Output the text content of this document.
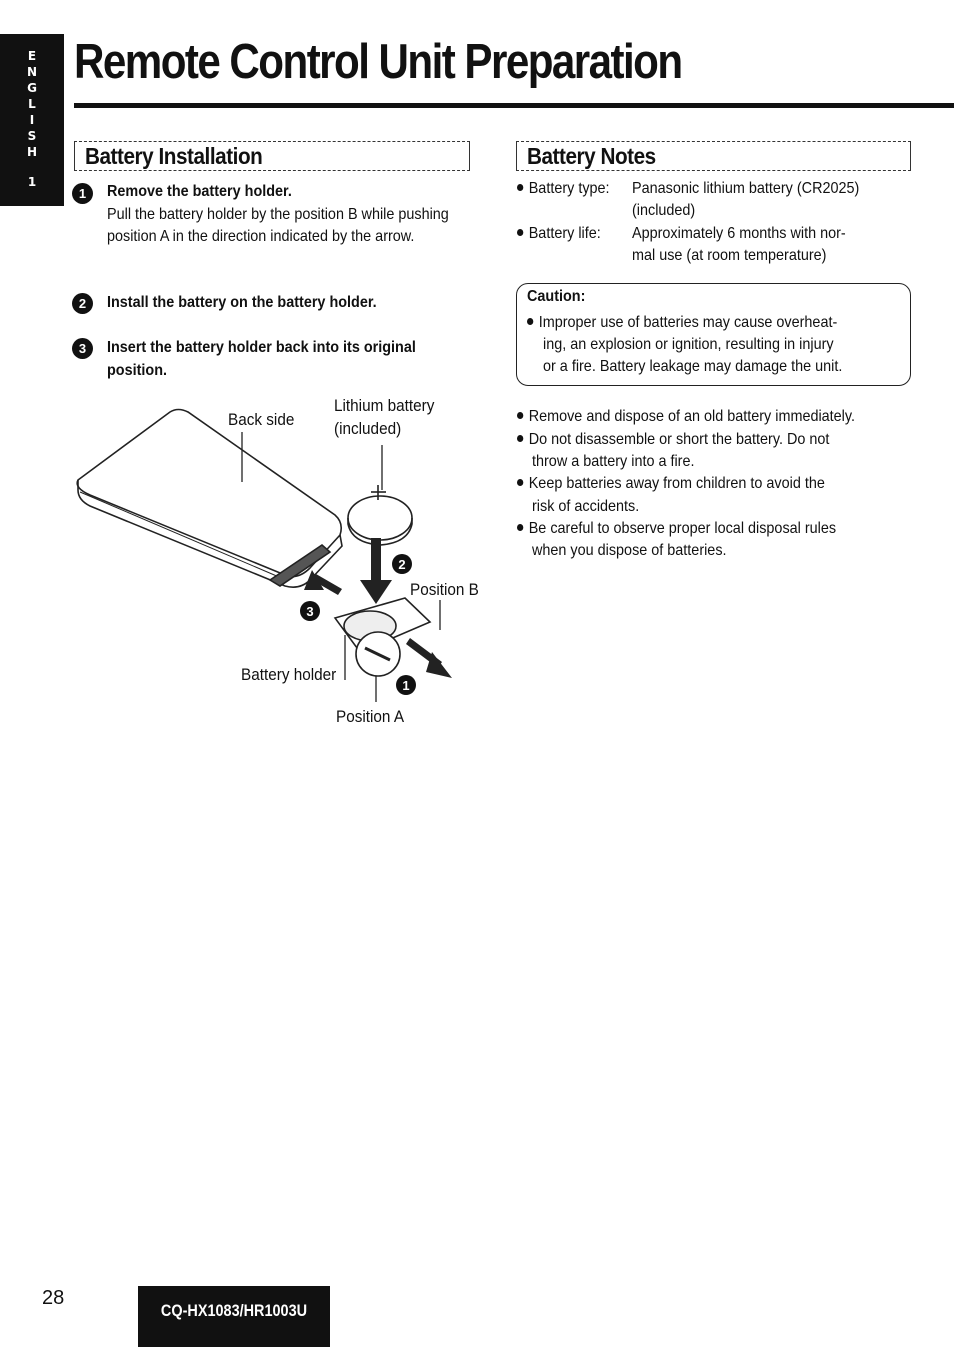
E
N
G
L
I
S
H
1
Remote Control Unit Preparation
Battery Installation
1	Remove the battery holder.
Pull the battery holder by the position B while pushing position A in the direction indicated by the arrow.
2	Install the battery on the battery holder.
3	Insert the battery holder back into its original
position.
1
2
3
Back side
Lithium battery
(included)
Position B
Battery holder
Position A
Battery Notes
Battery type: Panasonic lithium battery (CR2025)
(included)
Battery life: Approximately 6 months with nor-
mal use (at room temperature)
Caution:
Improper use of batteries may cause overheat-
ing, an explosion or ignition, resulting in injury
or a fire. Battery leakage may damage the unit.
Remove and dispose of an old battery immediately.
Do not disassemble or short the battery. Do not
throw a battery into a fire.
Keep batteries away from children to avoid the
risk of accidents.
Be careful to observe proper local disposal rules
when you dispose of batteries.
28
CQ-HX1083/HR1003U
